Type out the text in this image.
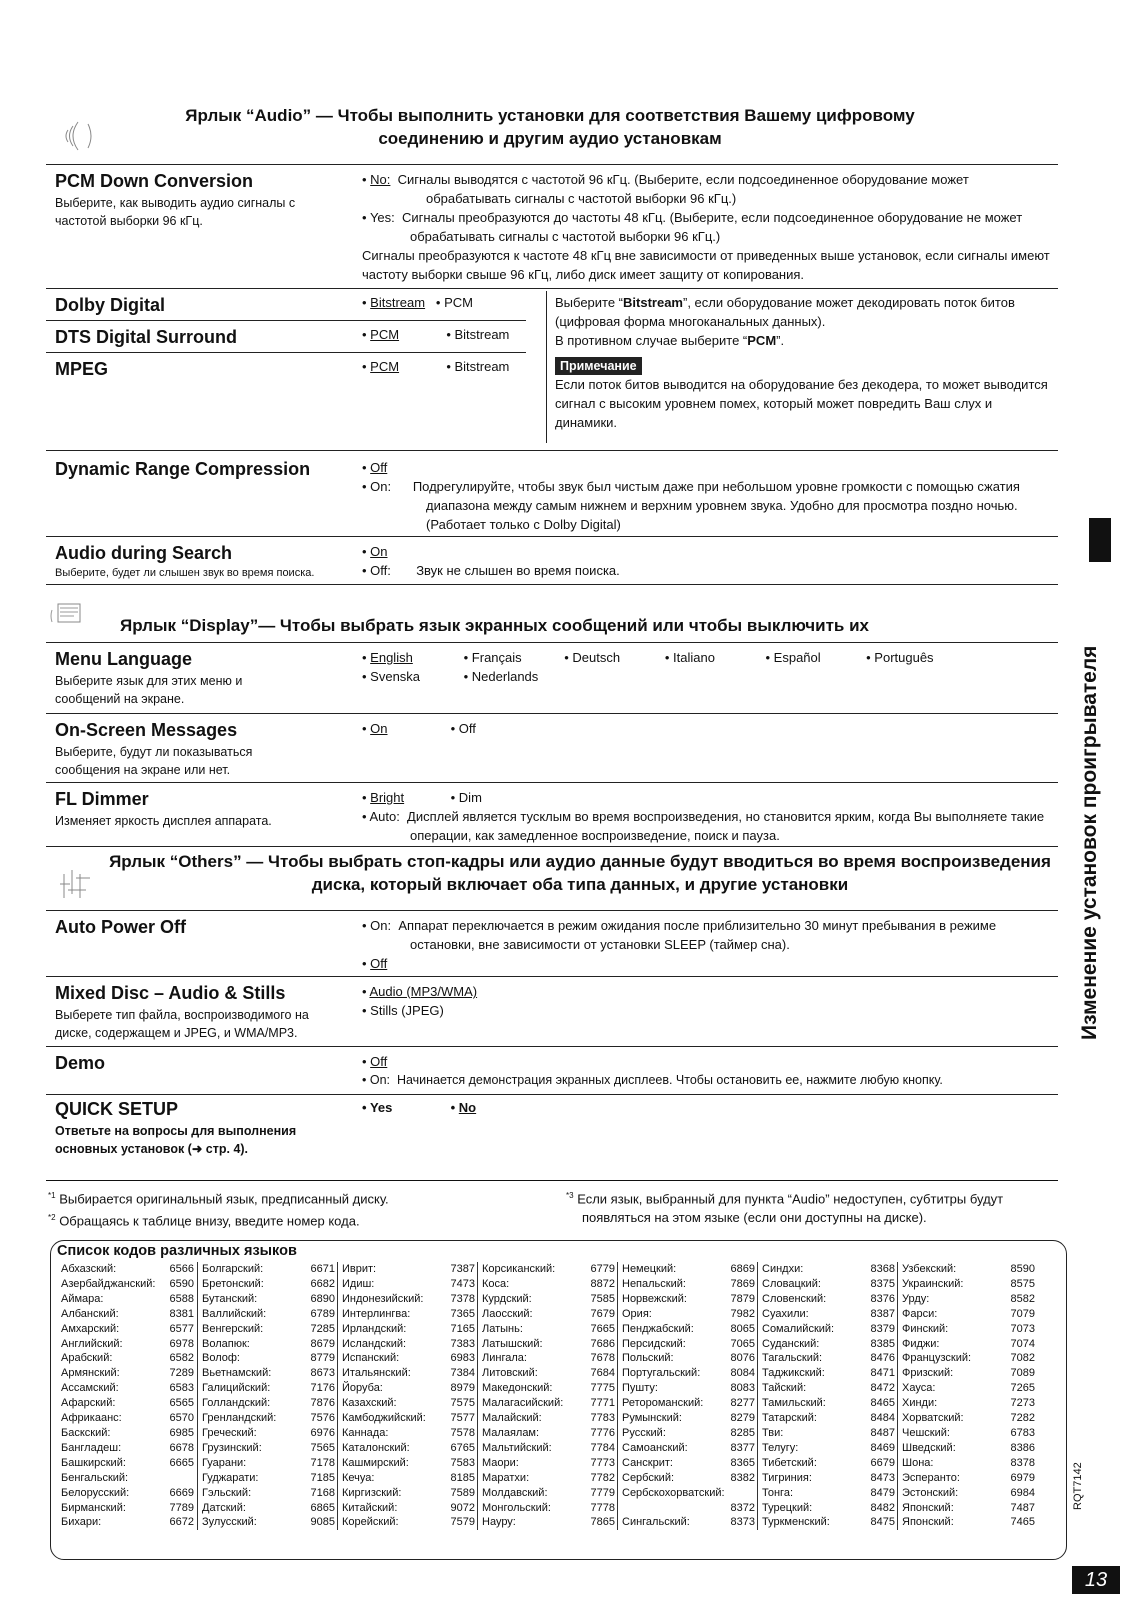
Ярлык “Audio” — Чтобы выполнить установки для соответствия Вашему цифровому
соединению и другим аудио установкам
PCM Down Conversion
Выберите, как выводить аудио сигналы с частотой выборки 96 кГц.
• No: Сигналы выводятся с частотой 96 кГц. (Выберите, если подсоединенное оборудование может обрабатывать сигналы с частотой выборки 96 кГц.)
• Yes: Сигналы преобразуются до частоты 48 кГц. (Выберите, если подсоединенное оборудование не может обрабатывать сигналы с частотой выборки 96 кГц.)
Сигналы преобразуются к частоте 48 кГц вне зависимости от приведенных выше установок, если сигналы имеют частоту выборки свыше 96 кГц, либо диск имеет защиту от копирования.
Dolby Digital	• Bitstream • PCM
DTS Digital Surround	• PCM	• Bitstream
MPEG	• PCM	• Bitstream
Выберите “Bitstream”, если оборудование может декодировать поток битов (цифровая форма многоканальных данных).
В противном случае выберите “PCM”.
Примечание
Если поток битов выводится на оборудование без декодера, то может выводится сигнал с высоким уровнем помех, который может повредить Ваш слух и динамики.
Dynamic Range Compression	• Off
• On: Подрегулируйте, чтобы звук был чистым даже при небольшом уровне громкости с помощью сжатия диапазона между самым нижнем и верхним уровнем звука. Удобно для просмотра поздно ночью. (Работает только с Dolby Digital)
Audio during Search
Выберите, будет ли слышен звук во время поиска.
• On
• Off: Звук не слышен во время поиска.
Ярлык “Display”— Чтобы выбрать язык экранных сообщений или чтобы выключить их
Menu Language
Выберите язык для этих меню и сообщений на экране.
• English	• Français	• Deutsch	• Italiano	• Español	• Português
• Svenska	• Nederlands
On-Screen Messages
Выберите, будут ли показываться сообщения на экране или нет.
• On	• Off
FL Dimmer
Изменяет яркость дисплея аппарата.
• Bright	• Dim
• Auto: Дисплей является тусклым во время воспроизведения, но становится ярким, когда Вы выполняете такие операции, как замедленное воспроизведение, поиск и пауза.
Ярлык “Others” — Чтобы выбрать стоп-кадры или аудио данные будут вводиться во время воспроизведения
диска, который включает оба типа данных, и другие установки
Auto Power Off	• On: Аппарат переключается в режим ожидания после приблизительно 30 минут пребывания в режиме остановки, вне зависимости от установки SLEEP (таймер сна).
• Off
Mixed Disc – Audio & Stills
Выберете тип файла, воспроизводимого на диске, содержащем и JPEG, и WMA/MP3.
• Audio (MP3/WMA)
• Stills (JPEG)
Demo	• Off
• On: Начинается демонстрация экранных дисплеев. Чтобы остановить ее, нажмите любую кнопку.
QUICK SETUP
Ответьте на вопросы для выполнения основных установок (➜ стр. 4).
• Yes	• No
$^{*1}$ Выбирается оригинальный язык, предписанный диску.
$^{*2}$ Обращаясь к таблице внизу, введите номер кода.
$^{*3}$ Если язык, выбранный для пункта “Audio” недоступен, субтитры будут появляться на этом языке (если они доступны на диске).
Список кодов различных языков
Абхазский:	6566
Азербайджанский: 6590
Аймара:	6588
Албанский:	8381
Амхарский:	6577
Английский:	6978
Арабский:	6582
Армянский:	7289
Ассамский:	6583
Афарский:	6565
Африкаанс:	6570
Баскский:	6985
Бангладеш:	6678
Башкирский:	6665
Бенгальский:
Белорусский:	6669
Бирманский:	7789
Бихари:	6672
Болгарский:	6671
Бретонский:	6682
Бутанский:	6890
Валлийский:	6789
Венгерский:	7285
Волапюк:	8679
Волоф:	8779
Вьетнамский:	8673
Галицийский:	7176
Голландский:	7876
Гренландский:	7576
Греческий:	6976
Грузинский:	7565
Гуарани:	7178
Гуджарати:	7185
Гэльский:	7168
Датский:	6865
Зулусский:	9085
Иврит:	7387
Идиш:	7473
Индонезийский: 7378
Интерлингва:	7365
Ирландский:	7165
Исландский:	7383
Испанский:	6983
Итальянский:	7384
Йоруба:	8979
Казахский:	7575
Камбоджийский: 7577
Каннада:	7578
Каталонский:	6765
Кашмирский:	7583
Кечуа:	8185
Киргизский:	7589
Китайский:	9072
Корейский:	7579
Корсиканский:	6779
Коса:	8872
Курдский:	7585
Лаосский:	7679
Латынь:	7665
Латышский:	7686
Лингала:	7678
Литовский:	7684
Македонский:	7775
Малагасийский: 7771
Малайский:	7783
Малаялам:	7776
Мальтийский:	7784
Маори:	7773
Маратхи:	7782
Молдавский:	7779
Монгольский:	7778
Науру:	7865
Немецкий:	6869
Непальский:	7869
Норвежский:	7879
Ория:	7982
Пенджабский:	8065
Персидский:	7065
Польский:	8076
Португальский:	8084
Пушту:	8083
Ретороманский: 8277
Румынский:	8279
Русский:	8285
Самоанский:	8377
Санскрит:	8365
Сербский:	8382
Сербскохорватский:
8372
Сингальский:	8373
Синдхи:	8368
Словацкий:	8375
Словенский:	8376
Суахили:	8387
Сомалийский:	8379
Суданский:	8385
Тагальский:	8476
Таджикский:	8471
Тайский:	8472
Тамильский:	8465
Татарский:	8484
Тви:	8487
Телугу:	8469
Тибетский:	6679
Тигриния:	8473
Тонга:	8479
Турецкий:	8482
Туркменский:	8475
Узбекский:	8590
Украинский:	8575
Урду:	8582
Фарси:	7079
Финский:	7073
Фиджи:	7074
Французский:	7082
Фризский:	7089
Хауса:	7265
Хинди:	7273
Хорватский:	7282
Чешский:	6783
Шведский:	8386
Шона:	8378
Эсперанто:	6979
Эстонский:	6984
Японский:	7487
Японский:	7465
Изменение установок проигрывателя
RQT7142
13
